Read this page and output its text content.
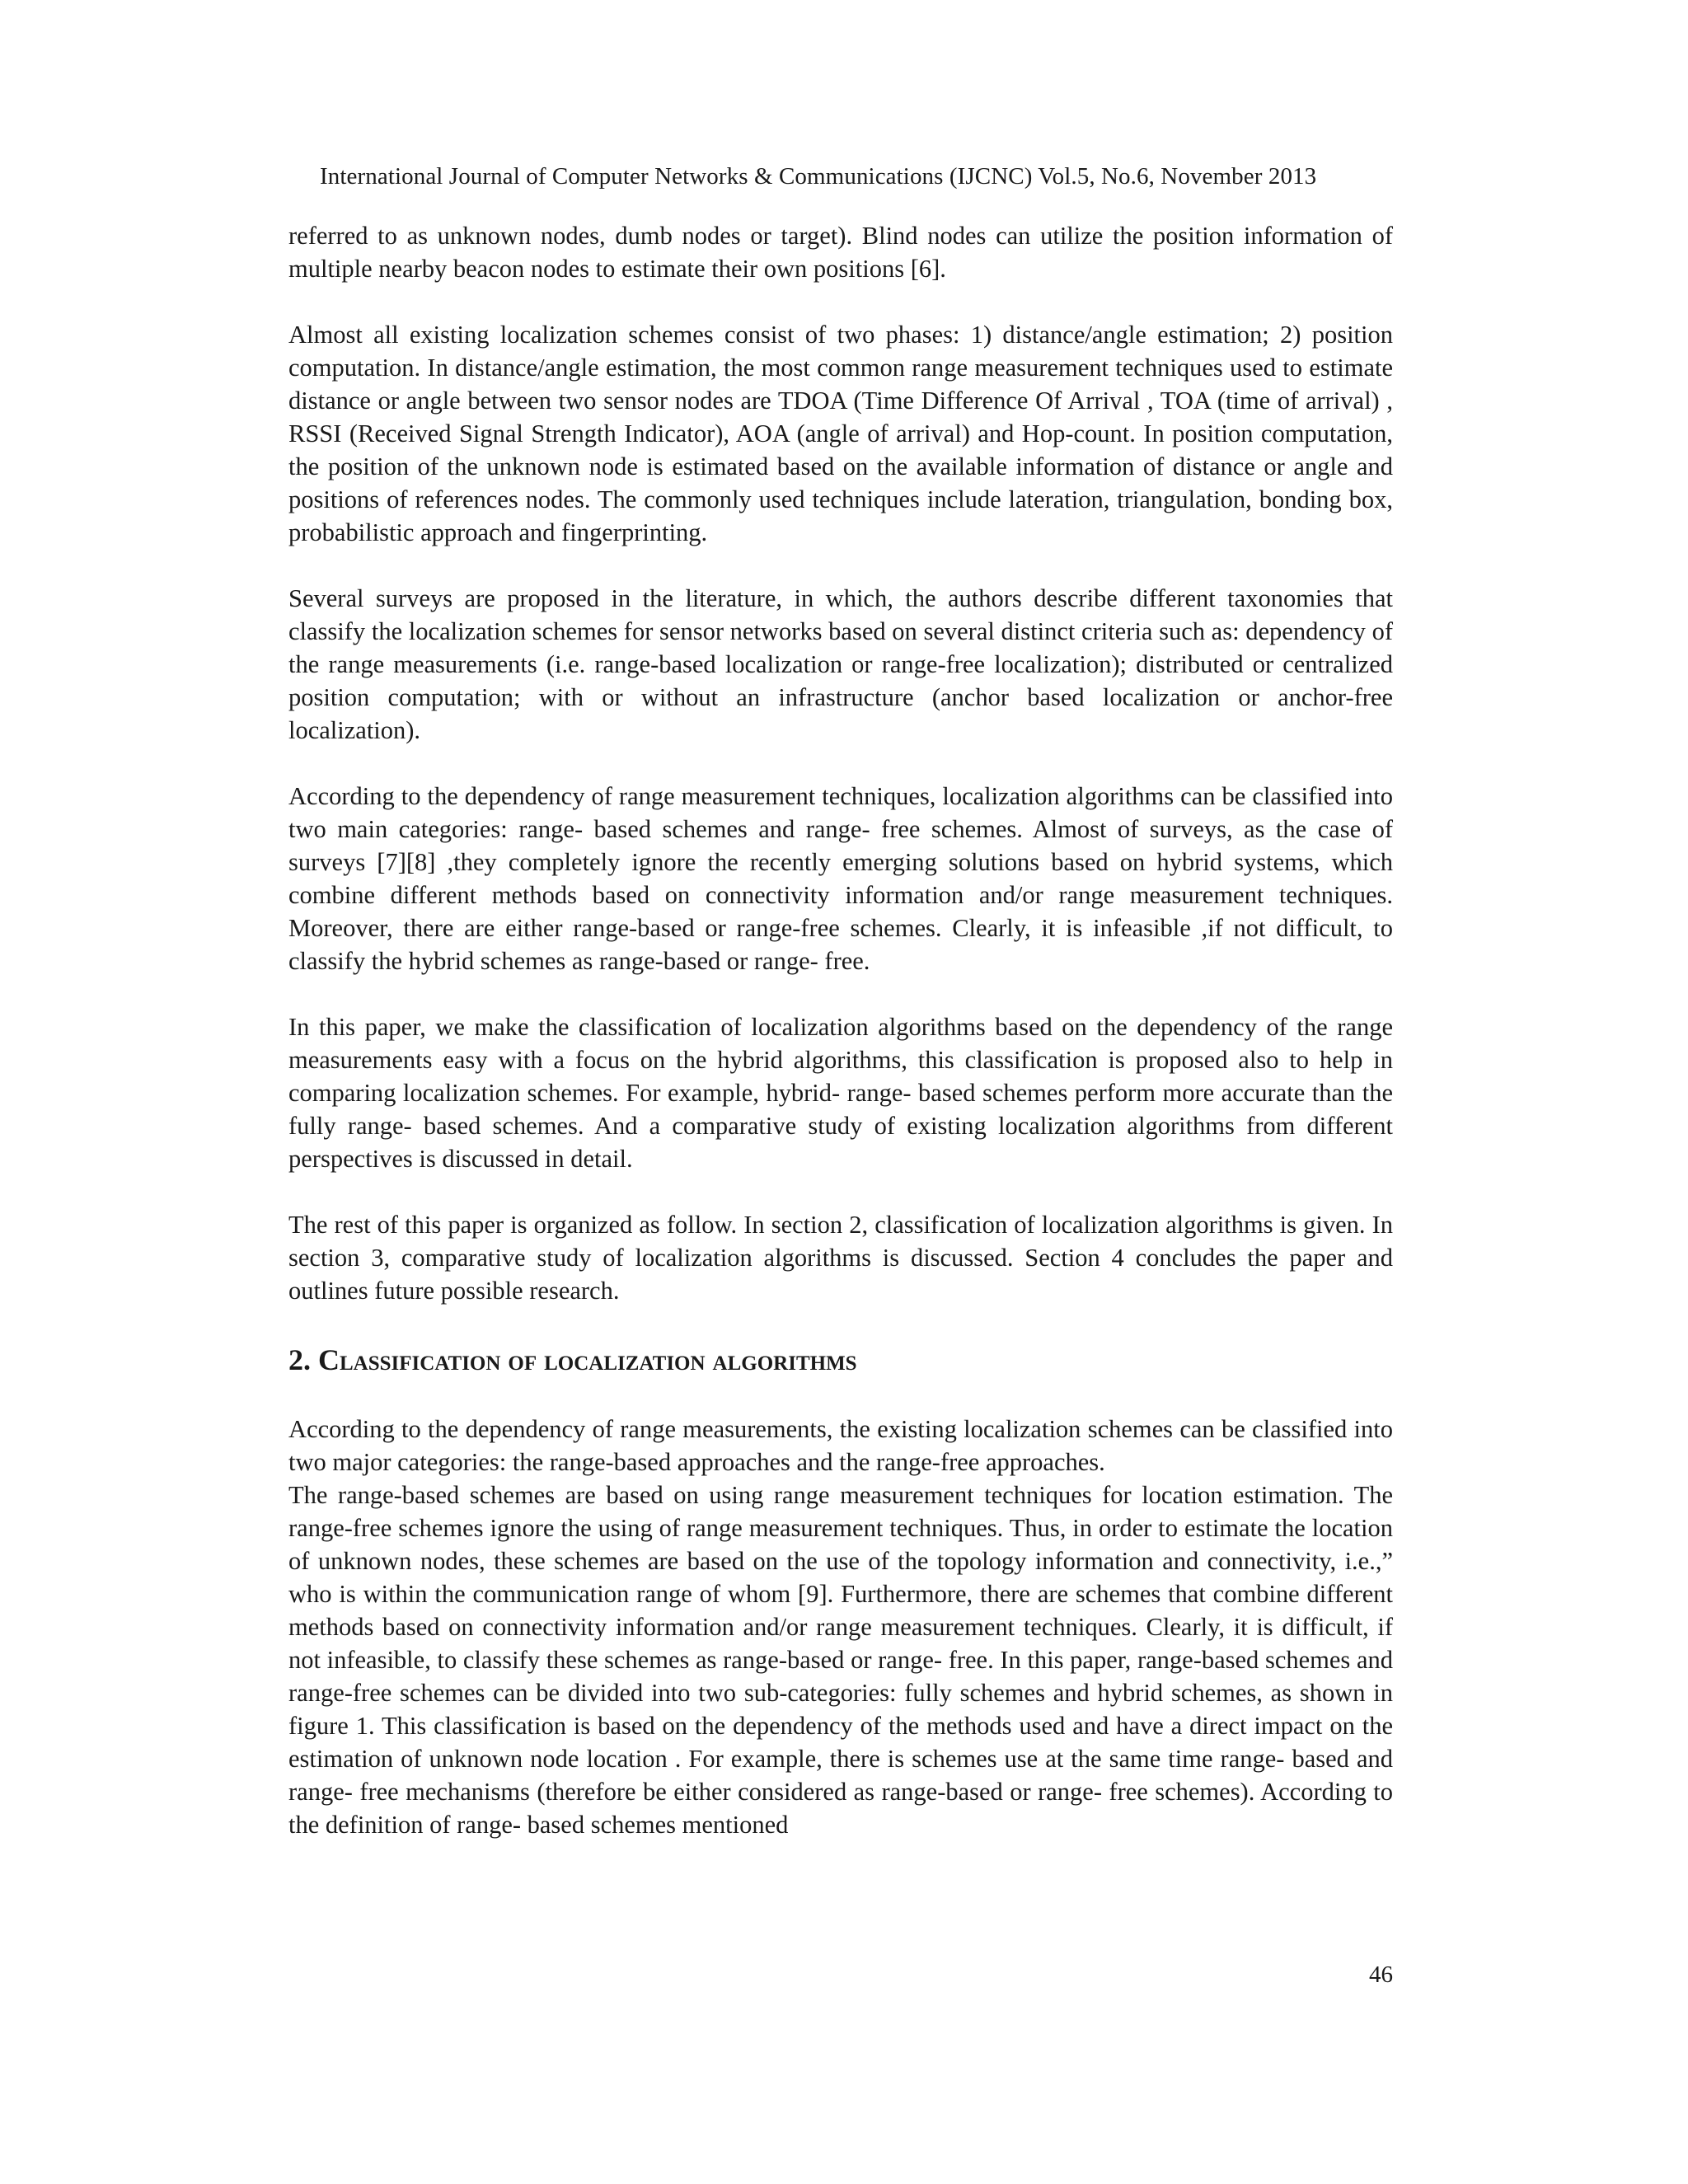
International Journal of Computer Networks & Communications (IJCNC) Vol.5, No.6, November 2013

referred to as unknown nodes, dumb nodes or target). Blind nodes can utilize the position information of multiple nearby beacon nodes to estimate their own positions [6].

Almost all existing localization schemes consist of two phases: 1) distance/angle estimation; 2) position computation. In distance/angle estimation, the most common range measurement techniques used to estimate distance or angle between two sensor nodes are TDOA (Time Difference Of Arrival , TOA (time of arrival) , RSSI (Received Signal Strength Indicator), AOA (angle of arrival) and Hop-count. In position computation, the position of the unknown node is estimated based on the available information of distance or angle and positions of references nodes. The commonly used techniques include lateration, triangulation, bonding box, probabilistic approach and fingerprinting.

Several surveys are proposed in the literature, in which, the authors describe different taxonomies that classify the localization schemes for sensor networks based on several distinct criteria such as: dependency of the range measurements (i.e. range-based localization or range-free localization); distributed or centralized position computation; with or without an infrastructure (anchor based localization or anchor-free localization).

According to the dependency of range measurement techniques, localization algorithms can be classified into two main categories: range- based schemes and range- free schemes. Almost of surveys, as the case of surveys [7][8] ,they completely ignore the recently emerging solutions based on hybrid systems, which combine different methods based on connectivity information and/or range measurement techniques. Moreover, there are either range-based or range-free schemes. Clearly, it is infeasible ,if not difficult, to classify the hybrid schemes as range-based or range- free.

In this paper, we make the classification of localization algorithms based on the dependency of the range measurements easy with a focus on the hybrid algorithms, this classification is proposed also to help in comparing localization schemes. For example, hybrid- range- based schemes perform more accurate than the fully range- based schemes. And a comparative study of existing localization algorithms from different perspectives is discussed in detail.

The rest of this paper is organized as follow. In section 2, classification of localization algorithms is given. In section 3, comparative study of localization algorithms is discussed. Section 4 concludes the paper and outlines future possible research.

2. Classification of localization algorithms

According to the dependency of range measurements, the existing localization schemes can be classified into two major categories: the range-based approaches and the range-free approaches.

The range-based schemes are based on using range measurement techniques for location estimation. The range-free schemes ignore the using of range measurement techniques. Thus, in order to estimate the location of unknown nodes, these schemes are based on the use of the topology information and connectivity, i.e.,” who is within the communication range of whom [9]. Furthermore, there are schemes that combine different methods based on connectivity information and/or range measurement techniques. Clearly, it is difficult, if not infeasible, to classify these schemes as range-based or range- free. In this paper, range-based schemes and range-free schemes can be divided into two sub-categories: fully schemes and hybrid schemes, as shown in figure 1. This classification is based on the dependency of the methods used and have a direct impact on the estimation of unknown node location . For example, there is schemes use at the same time range- based and range- free mechanisms (therefore be either considered as range-based or range- free schemes). According to the definition of range- based schemes mentioned

46
